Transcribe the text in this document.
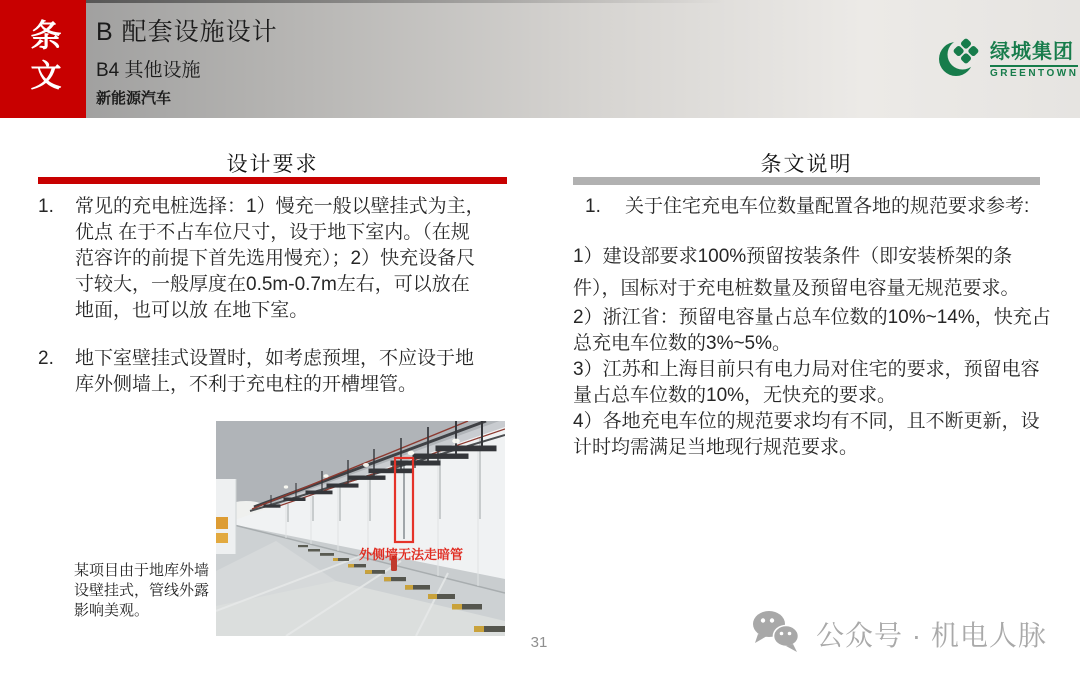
条文 B 配套设施设计
B4 其他设施
新能源汽车
绿城集团
GREENTOWN
设计要求
1.	常见的充电桩选择：1）慢充一般以壁挂式为主，优点 在于不占车位尺寸，设于地下室内。（在规范容许的前提下首先选用慢充）；2）快充设备尺寸较大，一般厚度在0.5m-0.7m左右，可以放在地面，也可以放 在地下室。
2.	地下室壁挂式设置时，如考虑预埋，不应设于地库外侧墙上，不利于充电柱的开槽埋管。
外侧墙无法走暗管
某项目由于地库外墙设壁挂式，管线外露影响美观。
条文说明
1.	关于住宅充电车位数量配置各地的规范要求参考:

1）建设部要求100%预留按装条件（即安装桥架的条件），国标对于充电桩数量及预留电容量无规范要求。

2）浙江省：预留电容量占总车位数的10%~14%，快充占总充电车位数的3%~5%。

3）江苏和上海目前只有电力局对住宅的要求，预留电容量占总车位数的10%，无快充的要求。

4）各地充电车位的规范要求均有不同，且不断更新，设计时均需满足当地现行规范要求。

31	公众号 · 机电人脉
